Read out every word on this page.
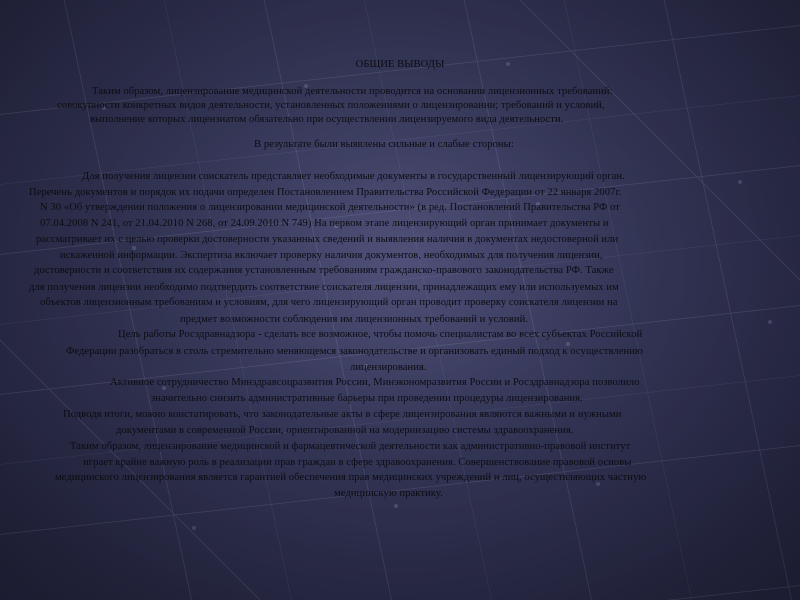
ОБЩИЕ ВЫВОДЫ
Таким образом, лицензирование медицинской деятельности проводится на основании лицензионных требований:
совокупности конкретных видов деятельности, установленных положениями о лицензировании; требований и условий,
выполнение которых лицензиатом обязательно при осуществлении лицензируемого вида деятельности.
В результате были выявлены сильные и слабые стороны:
Для получения лицензии соискатель представляет необходимые документы в государственный лицензирующий орган.
Перечень документов и порядок их подачи определен Постановлением Правительства Российской Федерации от 22 января 2007г.
N 30 «Об утверждении положения о лицензировании медицинской деятельности» (в ред. Постановлений Правительства РФ от
07.04.2008 N 241, от 21.04.2010 N 268, от 24.09.2010 N 749) На первом этапе лицензирующий орган принимает документы и
рассматривает их с целью проверки достоверности указанных сведений и выявления наличия в документах недостоверной или
искаженной информации. Экспертиза включает проверку наличия документов, необходимых для получения лицензии,
достоверности и соответствия их содержания установленным требованиям гражданско-правового законодательства РФ. Также
для получения лицензии необходимо подтвердить соответствие соискателя лицензии, принадлежащих ему или используемых им
объектов лицензионным требованиям и условиям, для чего лицензирующий орган проводит проверку соискателя лицензии на
предмет возможности соблюдения им лицензионных требований и условий.
Цель работы Росздравнадзора - сделать все возможное, чтобы помочь специалистам во всех субъектах Российской
Федерации разобраться в столь стремительно меняющемся законодательстве и организовать единый подход к осуществлению
лицензирования.
Активное сотрудничество Минздравсоцразвития России, Минэкономразвития России и Росздравнадзора позволило
значительно снизить административные барьеры при проведении процедуры лицензирования.
Подводя итоги, можно констатировать, что законодательные акты в сфере лицензирования являются важными и нужными
документами в современной России, ориентированной на модернизацию системы здравоохранения.
Таким образом, лицензирование медицинской и фармацевтической деятельности как административно-правовой институт
играет крайне важную роль в реализации прав граждан в сфере здравоохранения. Совершенствование правовой основы
медицинского лицензирования является гарантией обеспечения прав медицинских учреждений и лиц, осуществляющих частную
медицинскую практику.
